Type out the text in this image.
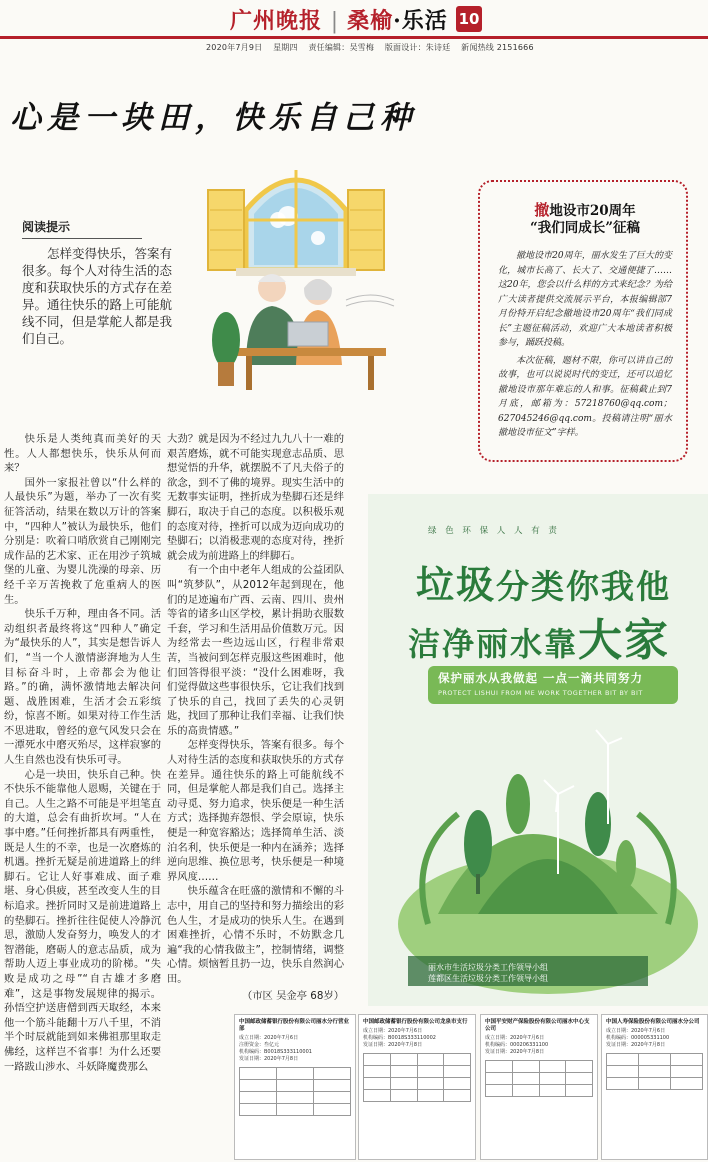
广州晚报 | 桑榆·乐活 10
2020年7月9日 星期四 责任编辑：吴雪梅 版面设计：朱诗廷 新闻热线 2151666
心是一块田，快乐自己种
阅读提示
怎样变得快乐，答案有很多。每个人对待生活的态度和获取快乐的方式存在差异。通往快乐的路上可能航线不同，但是掌舵人都是我们自己。
撤地设市20周年
“我们同成长”征稿

撤地设市20周年，丽水发生了巨大的变化，城市长高了、长大了、交通便捷了……这20年，您会以什么样的方式来纪念？为给广大读者提供交流展示平台，本报编辑部7月份特开启纪念撤地设市20周年“我们同成长”主题征稿活动，欢迎广大本地读者积极参与，踊跃投稿。

本次征稿，题材不限，你可以讲自己的故事，也可以说说时代的变迁，还可以追忆撤地设市那年难忘的人和事。征稿截止到7月底，邮箱为：57218760@qq.com；627045246@qq.com。投稿请注明“丽水撤地设市征文”字样。

快乐是人类纯真而美好的天性。人人都想快乐，快乐从何而来？

国外一家报社曾以“什么样的人最快乐”为题，举办了一次有奖征答活动，结果在数以万计的答案中，“四种人”被认为最快乐，他们分别是：吹着口哨欣赏自己刚刚完成作品的艺术家、正在用沙子筑城堡的儿童、为婴儿洗澡的母亲、历经千辛万苦挽救了危重病人的医生。

快乐千万种，理由各不同。活动组织者最终将这“四种人”确定为“最快乐的人”，其实是想告诉人们，“当一个人激情澎湃地为人生目标奋斗时，上帝都会为他让路。”的确，满怀激情地去解决问题、战胜困难，生活才会五彩缤纷，惊喜不断。如果对待工作生活不思进取，曾经的意气风发只会在一潭死水中磨灭殆尽，这样寂寥的人生自然也没有快乐可寻。

心是一块田，快乐自己种。快不快乐不能靠他人恩赐，关键在于自己。人生之路不可能是平坦笔直的大道，总会有曲折坎坷。“人在事中磨。”任何挫折都具有两重性，既是人生的不幸，也是一次磨炼的机遇。挫折无疑是前进道路上的绊脚石。它让人好事难成、面子难堪、身心俱疲，甚至改变人生的目标追求。挫折同时又是前进道路上的垫脚石。挫折往往促使人冷静沉思，激励人发奋努力，唤发人的才智潜能，磨砺人的意志品质，成为帮助人迈上事业成功的阶梯。“失败是成功之母”“自古雄才多磨难”，这是事物发展规律的揭示。孙悟空护送唐僧到西天取经，本来他一个筋斗能翻十万八千里，不消半个时辰就能到如来佛祖那里取走佛经，这样岂不省事！为什么还要一路跋山涉水、斗妖降魔费那么

大劲？就是因为不经过九九八十一难的艰苦磨炼，就不可能实现意志品质、思想觉悟的升华，就摆脱不了凡夫俗子的欲念，到不了佛的境界。现实生活中的无数事实证明，挫折成为垫脚石还是绊脚石，取决于自己的态度。以积极乐观的态度对待，挫折可以成为迈向成功的垫脚石；以消极悲观的态度对待，挫折就会成为前进路上的绊脚石。

有一个由中老年人组成的公益团队叫“筑梦队”，从2012年起到现在，他们的足迹遍布广西、云南、四川、贵州等省的诸多山区学校，累计捐助衣服数千套，学习和生活用品价值数万元。因为经常去一些边远山区，行程非常艰苦，当被问到怎样克服这些困难时，他们回答得很平淡：“没什么困难呀，我们觉得做这些事很快乐，它让我们找到了快乐的自己，找回了丢失的心灵钥匙，找回了那种让我们幸福、让我们快乐的高贵情感。”

怎样变得快乐，答案有很多。每个人对待生活的态度和获取快乐的方式存在差异。通往快乐的路上可能航线不同，但是掌舵人都是我们自己。选择主动寻觅、努力追求，快乐便是一种生活方式；选择抛弃怨恨、学会原谅，快乐便是一种宽容豁达；选择简单生活、淡泊名利，快乐便是一种内在涵养；选择逆向思维、换位思考，快乐便是一种境界风度……

快乐蕴含在旺盛的激情和不懈的斗志中，用自己的坚持和努力描绘出的彩色人生，才是成功的快乐人生。在遇到困难挫折，心情不乐时，不妨默念几遍“我的心情我做主”，控制情绪，调整心情。烦恼暂且扔一边，快乐自然润心田。

（市区 吴金亭 68岁）

绿 色 环 保 人 人 有 责
垃圾分类你我他
洁净丽水靠大家
保护丽水从我做起 一点一滴共同努力
PROTECT LISHUI FROM ME WORK TOGETHER BIT BY BIT
丽水市生活垃圾分类工作领导小组
莲都区生活垃圾分类工作领导小组
中国邮政储蓄银行股份有限公司丽水分行营业部
成立日期：2020年7月6日
注册资金：叁亿元
机构编码：B0018S333110001
发证日期：2020年7月8日

中国邮政储蓄银行股份有限公司龙泉市支行
成立日期：2020年7月6日
机构编码：B0018S333110002
发证日期：2020年7月8日

中国平安财产保险股份有限公司丽水中心支公司
成立日期：2020年7月6日
机构编码：000206331100
发证日期：2020年7月8日

中国人寿保险股份有限公司丽水分公司
成立日期：2020年7月6日
机构编码：000005331100
发证日期：2020年7月8日
